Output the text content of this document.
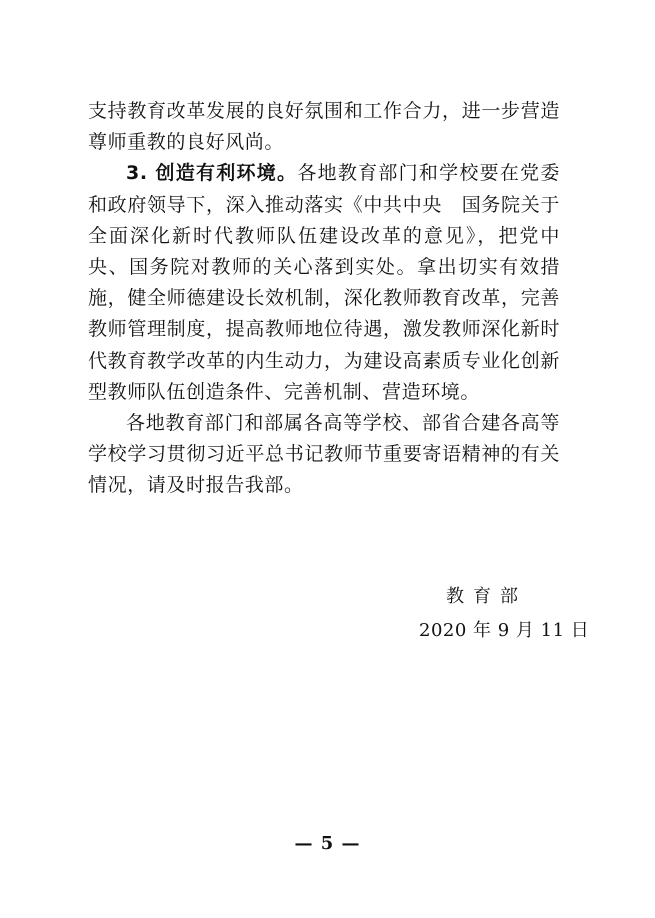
支持教育改革发展的良好氛围和工作合力，进一步营造尊师重教的良好风尚。

3. 创造有利环境。各地教育部门和学校要在党委和政府领导下，深入推动落实《中共中央　国务院关于全面深化新时代教师队伍建设改革的意见》，把党中央、国务院对教师的关心落到实处。拿出切实有效措施，健全师德建设长效机制，深化教师教育改革，完善教师管理制度，提高教师地位待遇，激发教师深化新时代教育教学改革的内生动力，为建设高素质专业化创新型教师队伍创造条件、完善机制、营造环境。

各地教育部门和部属各高等学校、部省合建各高等学校学习贯彻习近平总书记教师节重要寄语精神的有关情况，请及时报告我部。

教育部
2020 年 9 月 11 日
— 5 —
